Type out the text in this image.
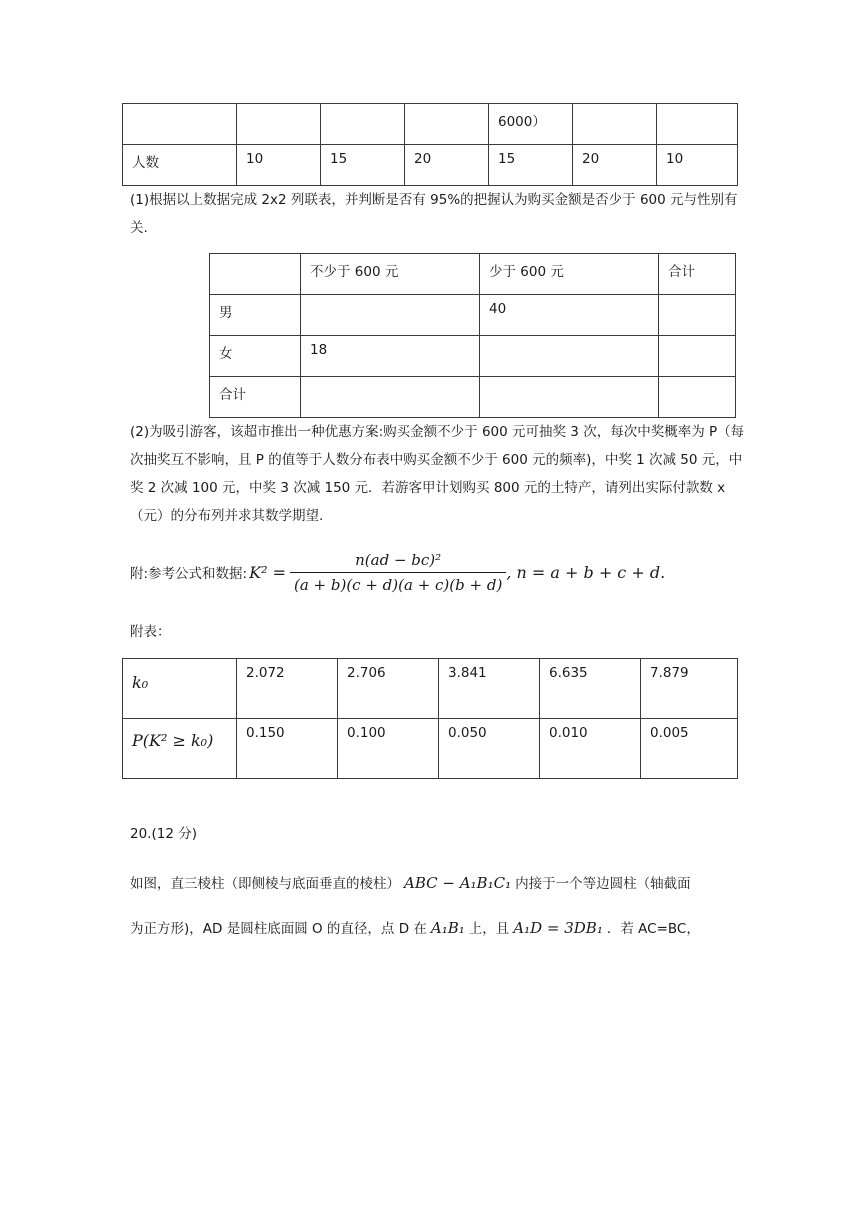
				6000）		

人数	10	15	20	15	20	10
(1)根据以上数据完成 2x2 列联表，并判断是否有 95%的把握认为购买金额是否少于 600 元与性别有关.

	不少于 600 元	少于 600 元	合计

男		40	

女	18		

合计			

(2)为吸引游客，该超市推出一种优惠方案:购买金额不少于 600 元可抽奖 3 次，每次中奖概率为 P（每次抽奖互不影响，且 P 的值等于人数分布表中购买金额不少于 600 元的频率)，中奖 1 次减 50 元，中奖 2 次减 100 元，中奖 3 次减 150 元．若游客甲计划购买 800 元的土特产，请列出实际付款数 x（元）的分布列并求其数学期望.
附:参考公式和数据: $K^2 = \frac{\text{n(ad − bc)²}}{(a + b)(c + d)(a + c)(b + d)}$ , n = a + b + c + d.
附表：
k₀	2.072	2.706	3.841	6.635	7.879

P(K² ≥ k₀)	0.150	0.100	0.050	0.010	0.005
20.(12 分)
如图，直三棱柱（即侧棱与底面垂直的棱柱） ABC − A₁B₁C₁ 内接于一个等边圆柱（轴截面
为正方形)，AD 是圆柱底面圆 O 的直径，点 D 在 A₁B₁ 上，且 A₁D = 3DB₁ ．若 AC=BC，
